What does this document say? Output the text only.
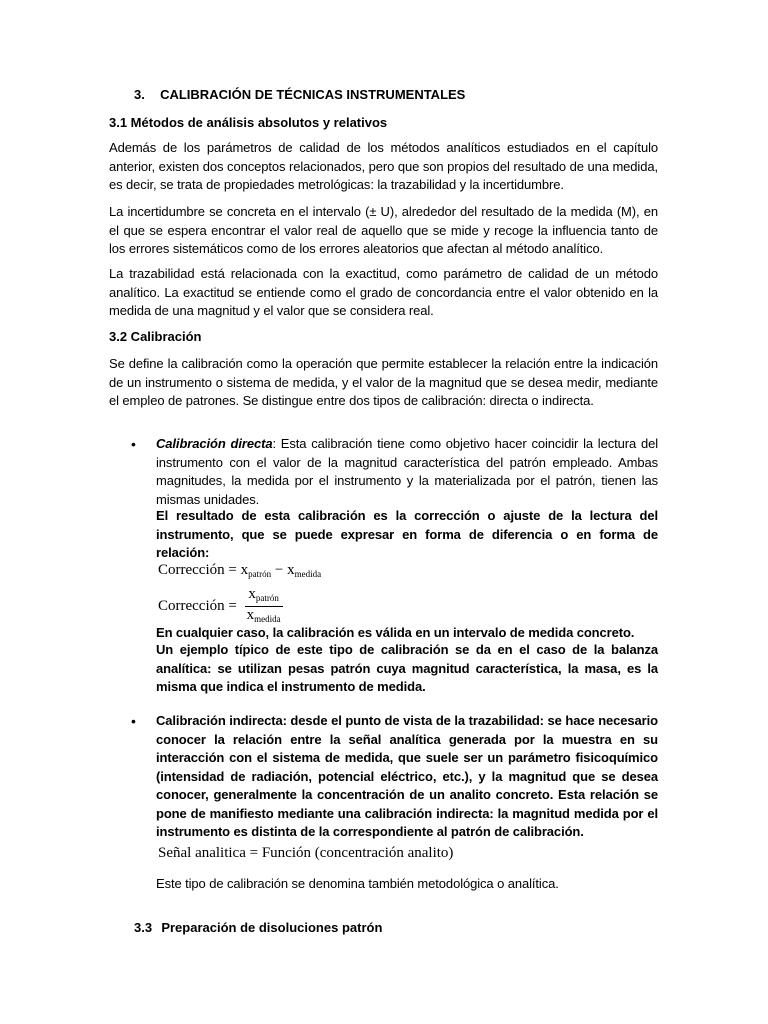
3. CALIBRACIÓN DE TÉCNICAS INSTRUMENTALES
3.1 Métodos de análisis absolutos y relativos

Además de los parámetros de calidad de los métodos analíticos estudiados en el capítulo anterior, existen dos conceptos relacionados, pero que son propios del resultado de una medida, es decir, se trata de propiedades metrológicas: la trazabilidad y la incertidumbre.

La incertidumbre se concreta en el intervalo (± U), alrededor del resultado de la medida (M), en el que se espera encontrar el valor real de aquello que se mide y recoge la influencia tanto de los errores sistemáticos como de los errores aleatorios que afectan al método analítico.

La trazabilidad está relacionada con la exactitud, como parámetro de calidad de un método analítico. La exactitud se entiende como el grado de concordancia entre el valor obtenido en la medida de una magnitud y el valor que se considera real.

3.2 Calibración

Se define la calibración como la operación que permite establecer la relación entre la indicación de un instrumento o sistema de medida, y el valor de la magnitud que se desea medir, mediante el empleo de patrones. Se distingue entre dos tipos de calibración: directa o indirecta.

• Calibración directa: Esta calibración tiene como objetivo hacer coincidir la lectura del instrumento con el valor de la magnitud característica del patrón empleado. Ambas magnitudes, la medida por el instrumento y la materializada por el patrón, tienen las mismas unidades.

El resultado de esta calibración es la corrección o ajuste de la lectura del instrumento, que se puede expresar en forma de diferencia o en forma de relación:

Corrección = $x_{patrón} - x_{medida}$
Corrección = $\frac{x_{patrón}}{x_{medida}}$

En cualquier caso, la calibración es válida en un intervalo de medida concreto.

Un ejemplo típico de este tipo de calibración se da en el caso de la balanza analítica: se utilizan pesas patrón cuya magnitud característica, la masa, es la misma que indica el instrumento de medida.

• Calibración indirecta: desde el punto de vista de la trazabilidad: se hace necesario conocer la relación entre la señal analítica generada por la muestra en su interacción con el sistema de medida, que suele ser un parámetro fisicoquímico (intensidad de radiación, potencial eléctrico, etc.), y la magnitud que se desea conocer, generalmente la concentración de un analito concreto. Esta relación se pone de manifiesto mediante una calibración indirecta: la magnitud medida por el instrumento es distinta de la correspondiente al patrón de calibración.

Señal analitica = Función (concentración analito)

Este tipo de calibración se denomina también metodológica o analítica.

3.3 Preparación de disoluciones patrón
